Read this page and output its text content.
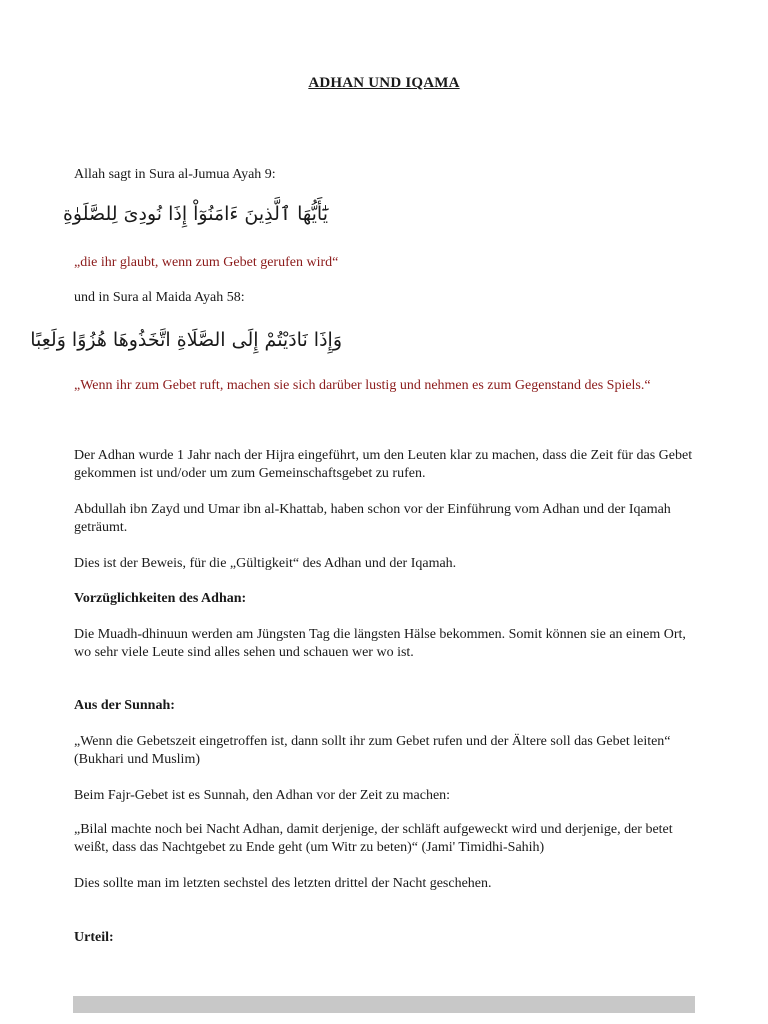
ADHAN UND IQAMA
Allah sagt in Sura al-Jumua Ayah 9:
يَٰٓأَيُّهَا ٱلَّذِينَ ءَامَنُوٓاْ إِذَا نُودِىَ لِلصَّلَوٰةِ
„die ihr glaubt, wenn zum Gebet gerufen wird“
und in Sura al Maida Ayah 58:
وَإِذَا نَادَيْتُمْ إِلَى الصَّلَاةِ اتَّخَذُوهَا هُزُوًا وَلَعِبًا
„Wenn ihr zum Gebet ruft, machen sie sich darüber lustig und nehmen es zum Gegenstand des Spiels.“
Der Adhan wurde 1 Jahr nach der Hijra eingeführt, um den Leuten klar zu machen, dass die Zeit für das Gebet gekommen ist und/oder um zum Gemeinschaftsgebet zu rufen.
Abdullah ibn Zayd und Umar ibn al-Khattab, haben schon vor der Einführung vom Adhan und der Iqamah geträumt.
Dies ist der Beweis, für die „Gültigkeit“ des Adhan und der Iqamah.
Vorzüglichkeiten des Adhan:
Die Muadh-dhinuun werden am Jüngsten Tag die längsten Hälse bekommen. Somit können sie an einem Ort, wo sehr viele Leute sind alles sehen und schauen wer wo ist.
Aus der Sunnah:
„Wenn die Gebetszeit eingetroffen ist, dann sollt ihr zum Gebet rufen und der Ältere soll das Gebet leiten“ (Bukhari und Muslim)
Beim Fajr-Gebet ist es Sunnah, den Adhan vor der Zeit zu machen:
„Bilal machte noch bei Nacht Adhan, damit derjenige, der schläft aufgeweckt wird und derjenige, der betet weißt, dass das Nachtgebet zu Ende geht (um Witr zu beten)“ (Jami' Timidhi-Sahih)
Dies sollte man im letzten sechstel des letzten drittel der Nacht geschehen.
Urteil:
